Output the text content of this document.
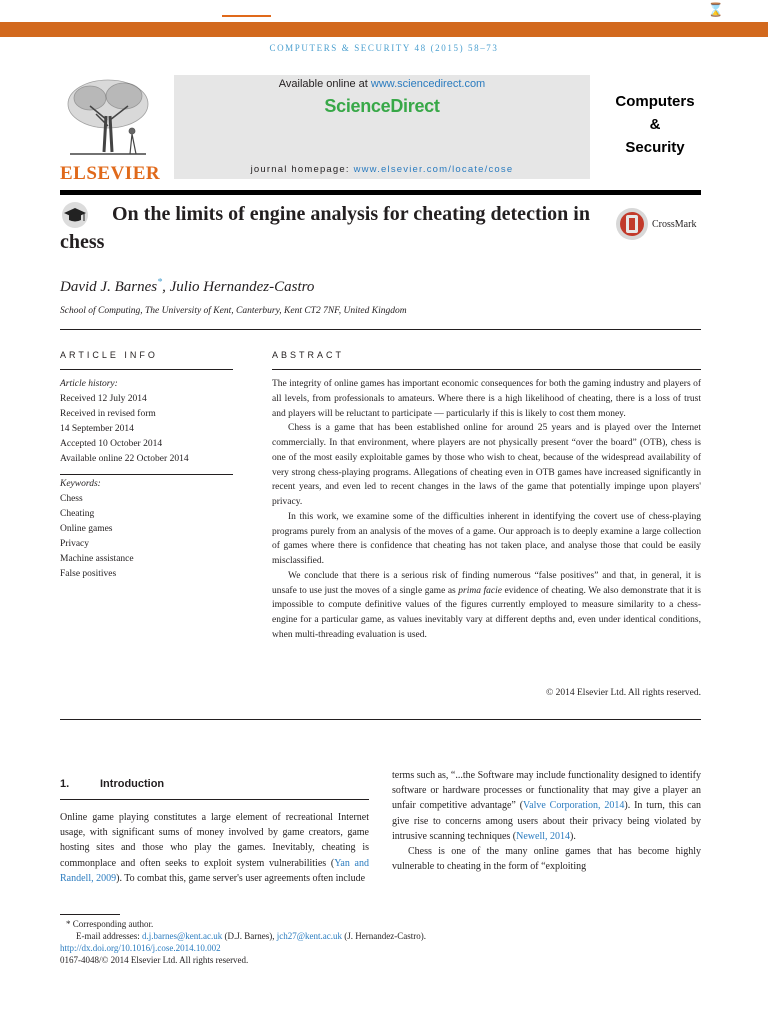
⌛
COMPUTERS & SECURITY 48 (2015) 58–73
ELSEVIER
Available online at www.sciencedirect.com
ScienceDirect
journal homepage: www.elsevier.com/locate/cose
Computers
&
Security
On the limits of engine analysis for cheating detection in chess
CrossMark
David J. Barnes*, Julio Hernandez-Castro
School of Computing, The University of Kent, Canterbury, Kent CT2 7NF, United Kingdom
ARTICLE INFO
Article history:
Received 12 July 2014
Received in revised form
14 September 2014
Accepted 10 October 2014
Available online 22 October 2014
Keywords:
Chess
Cheating
Online games
Privacy
Machine assistance
False positives
ABSTRACT

The integrity of online games has important economic consequences for both the gaming industry and players of all levels, from professionals to amateurs. Where there is a high likelihood of cheating, there is a loss of trust and players will be reluctant to participate — particularly if this is likely to cost them money.

Chess is a game that has been established online for around 25 years and is played over the Internet commercially. In that environment, where players are not physically present “over the board” (OTB), chess is one of the most easily exploitable games by those who wish to cheat, because of the widespread availability of very strong chess-playing programs. Allegations of cheating even in OTB games have increased significantly in recent years, and even led to recent changes in the laws of the game that potentially impinge upon players' privacy.

In this work, we examine some of the difficulties inherent in identifying the covert use of chess-playing programs purely from an analysis of the moves of a game. Our approach is to deeply examine a large collection of games where there is confidence that cheating has not taken place, and analyse those that could be easily misclassified.

We conclude that there is a serious risk of finding numerous “false positives” and that, in general, it is unsafe to use just the moves of a single game as prima facie evidence of cheating. We also demonstrate that it is impossible to compute definitive values of the figures currently employed to measure similarity to a chess-engine for a particular game, as values inevitably vary at different depths and, even under identical conditions, when multi-threading evaluation is used.

© 2014 Elsevier Ltd. All rights reserved.
1.	Introduction

Online game playing constitutes a large element of recreational Internet usage, with significant sums of money involved by game creators, game hosting sites and those who play the games. Inevitably, cheating is commonplace and often seeks to exploit system vulnerabilities (Yan and Randell, 2009). To combat this, game server's user agreements often include

terms such as, “...the Software may include functionality designed to identify software or hardware processes or functionality that may give a player an unfair competitive advantage” (Valve Corporation, 2014). In turn, this can give rise to concerns among users about their privacy being violated by intrusive scanning techniques (Newell, 2014).

Chess is one of the many online games that has become highly vulnerable to cheating in the form of “exploiting

* Corresponding author.
E-mail addresses: d.j.barnes@kent.ac.uk (D.J. Barnes), jch27@kent.ac.uk (J. Hernandez-Castro).
http://dx.doi.org/10.1016/j.cose.2014.10.002
0167-4048/© 2014 Elsevier Ltd. All rights reserved.
